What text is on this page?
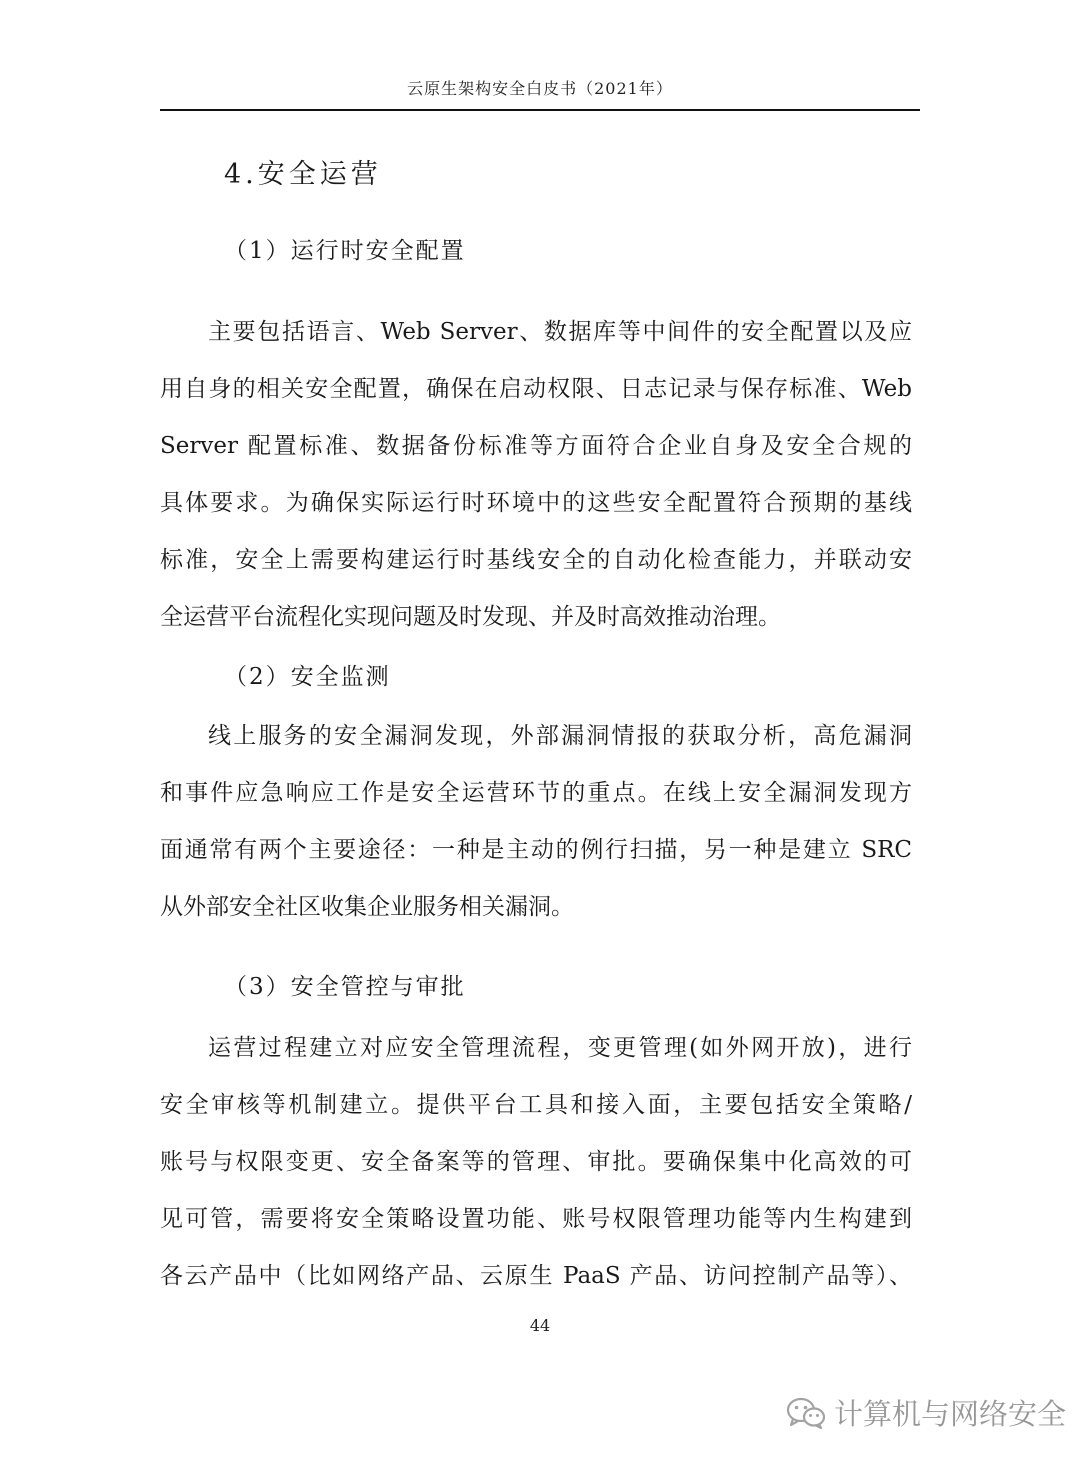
云原生架构安全白皮书（2021年）
4.安全运营
（1）运行时安全配置
主要包括语言、Web Server、数据库等中间件的安全配置以及应
用自身的相关安全配置，确保在启动权限、日志记录与保存标准、Web
Server 配置标准、数据备份标准等方面符合企业自身及安全合规的
具体要求。为确保实际运行时环境中的这些安全配置符合预期的基线
标准，安全上需要构建运行时基线安全的自动化检查能力，并联动安
全运营平台流程化实现问题及时发现、并及时高效推动治理。
（2）安全监测
线上服务的安全漏洞发现，外部漏洞情报的获取分析，高危漏洞
和事件应急响应工作是安全运营环节的重点。在线上安全漏洞发现方
面通常有两个主要途径：一种是主动的例行扫描，另一种是建立 SRC
从外部安全社区收集企业服务相关漏洞。
（3）安全管控与审批
运营过程建立对应安全管理流程，变更管理(如外网开放)，进行
安全审核等机制建立。提供平台工具和接入面，主要包括安全策略/
账号与权限变更、安全备案等的管理、审批。要确保集中化高效的可
见可管，需要将安全策略设置功能、账号权限管理功能等内生构建到
各云产品中（比如网络产品、云原生 PaaS 产品、访问控制产品等）、
44
计算机与网络安全
